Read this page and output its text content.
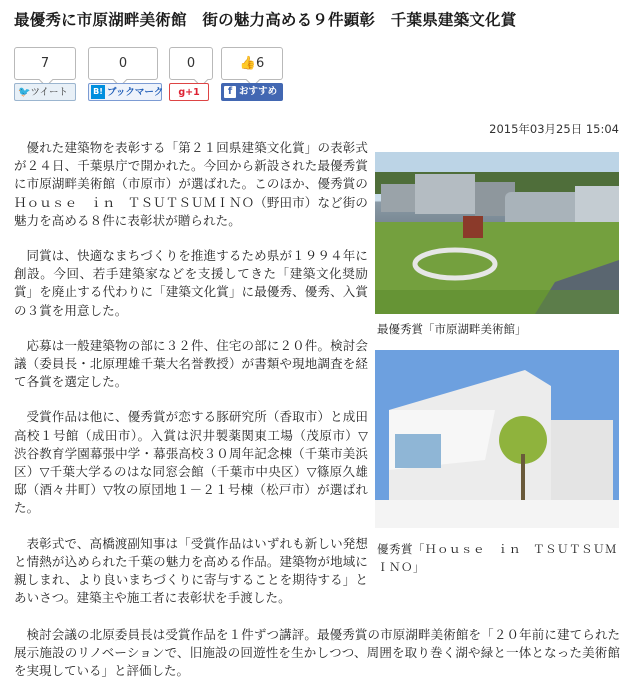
最優秀に市原湖畔美術館　街の魅力高める９件顕彰　千葉県建築文化賞
7
🐦ツイート
0
B! ブックマーク
0
g+1
👍6
f おすすめ
2015年03月25日 15:04

優れた建築物を表彰する「第２１回県建築文化賞」の表彰式が２４日、千葉県庁で開かれた。今回から新設された最優秀賞に市原湖畔美術館（市原市）が選ばれた。このほか、優秀賞のＨｏｕｓｅ　ｉｎ　ＴＳＵＴＳＵＭＩＮＯ（野田市）など街の魅力を高める８件に表彰状が贈られた。

同賞は、快適なまちづくりを推進するため県が１９９４年に創設。今回、若手建築家などを支援してきた「建築文化奨励賞」を廃止する代わりに「建築文化賞」に最優秀、優秀、入賞の３賞を用意した。

応募は一般建築物の部に３２件、住宅の部に２０件。検討会議（委員長・北原理雄千葉大名誉教授）が書類や現地調査を経て各賞を選定した。

受賞作品は他に、優秀賞が恋する豚研究所（香取市）と成田高校１号館（成田市）。入賞は沢井製薬関東工場（茂原市）▽渋谷教育学園幕張中学・幕張高校３０周年記念棟（千葉市美浜区）▽千葉大学るのはな同窓会館（千葉市中央区）▽篠原久雄邸（酒々井町）▽牧の原団地１－２１号棟（松戸市）が選ばれた。

表彰式で、高橋渡副知事は「受賞作品はいずれも新しい発想と情熱が込められた千葉の魅力を高める作品。建築物が地域に親しまれ、より良いまちづくりに寄与することを期待する」とあいさつ。建築主や施工者に表彰状を手渡した。

最優秀賞「市原湖畔美術館」
優秀賞「Ｈｏｕｓｅ　ｉｎ　ＴＳＵＴＳＵＭＩＮＯ」

検討会議の北原委員長は受賞作品を１件ずつ講評。最優秀賞の市原湖畔美術館を「２０年前に建てられた展示施設のリノベーションで、旧施設の回遊性を生かしつつ、周囲を取り巻く湖や緑と一体となった美術館を実現している」と評価した。
